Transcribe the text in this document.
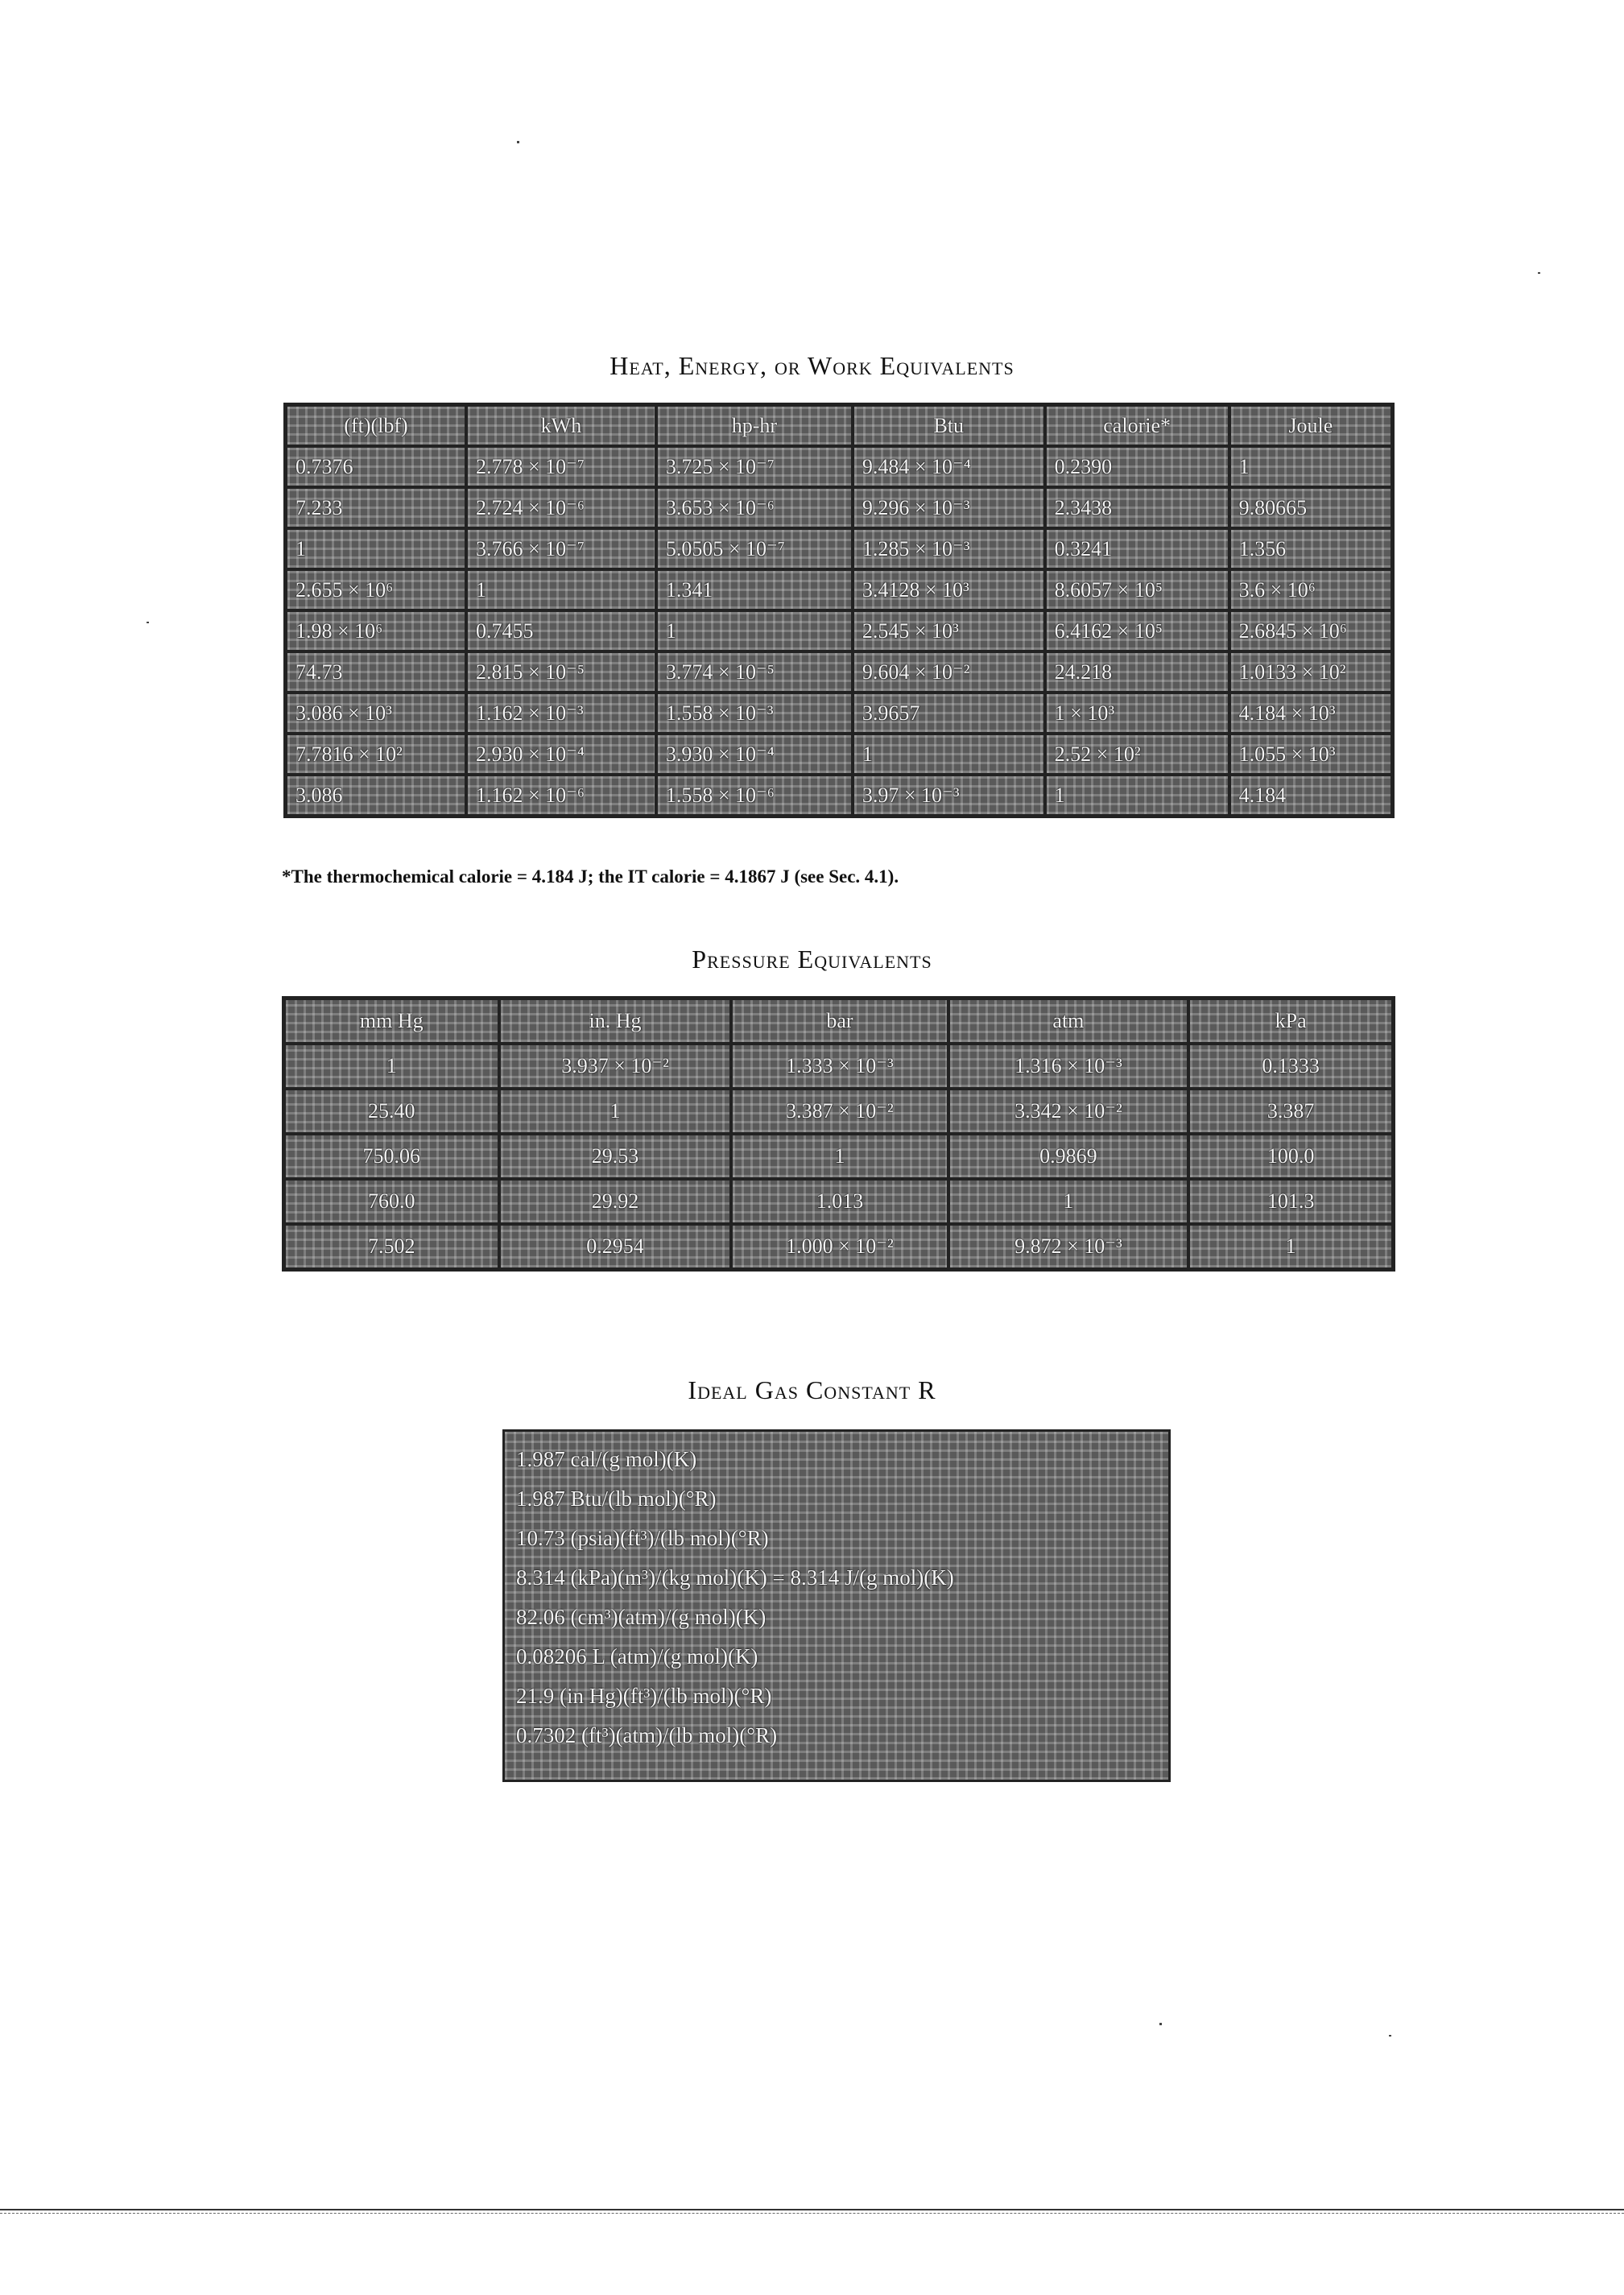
Heat, Energy, or Work Equivalents
(ft)(lbf)	kWh	hp-hr	Btu	calorie*	Joule
0.7376	2.778 × 10⁻⁷	3.725 × 10⁻⁷	9.484 × 10⁻⁴	0.2390	1
7.233	2.724 × 10⁻⁶	3.653 × 10⁻⁶	9.296 × 10⁻³	2.3438	9.80665
1	3.766 × 10⁻⁷	5.0505 × 10⁻⁷	1.285 × 10⁻³	0.3241	1.356
2.655 × 10⁶	1	1.341	3.4128 × 10³	8.6057 × 10⁵	3.6 × 10⁶
1.98 × 10⁶	0.7455	1	2.545 × 10³	6.4162 × 10⁵	2.6845 × 10⁶
74.73	2.815 × 10⁻⁵	3.774 × 10⁻⁵	9.604 × 10⁻²	24.218	1.0133 × 10²
3.086 × 10³	1.162 × 10⁻³	1.558 × 10⁻³	3.9657	1 × 10³	4.184 × 10³
7.7816 × 10²	2.930 × 10⁻⁴	3.930 × 10⁻⁴	1	2.52 × 10²	1.055 × 10³
3.086	1.162 × 10⁻⁶	1.558 × 10⁻⁶	3.97 × 10⁻³	1	4.184
*The thermochemical calorie = 4.184 J; the IT calorie = 4.1867 J (see Sec. 4.1).
Pressure Equivalents
mm Hg	in. Hg	bar	atm	kPa
1	3.937 × 10⁻²	1.333 × 10⁻³	1.316 × 10⁻³	0.1333
25.40	1	3.387 × 10⁻²	3.342 × 10⁻²	3.387
750.06	29.53	1	0.9869	100.0
760.0	29.92	1.013	1	101.3
7.502	0.2954	1.000 × 10⁻²	9.872 × 10⁻³	1
Ideal Gas Constant R
1.987 cal/(g mol)(K)
1.987 Btu/(lb mol)(°R)
10.73 (psia)(ft³)/(lb mol)(°R)
8.314 (kPa)(m³)/(kg mol)(K) = 8.314 J/(g mol)(K)
82.06 (cm³)(atm)/(g mol)(K)
0.08206 L (atm)/(g mol)(K)
21.9 (in Hg)(ft³)/(lb mol)(°R)
0.7302 (ft³)(atm)/(lb mol)(°R)
